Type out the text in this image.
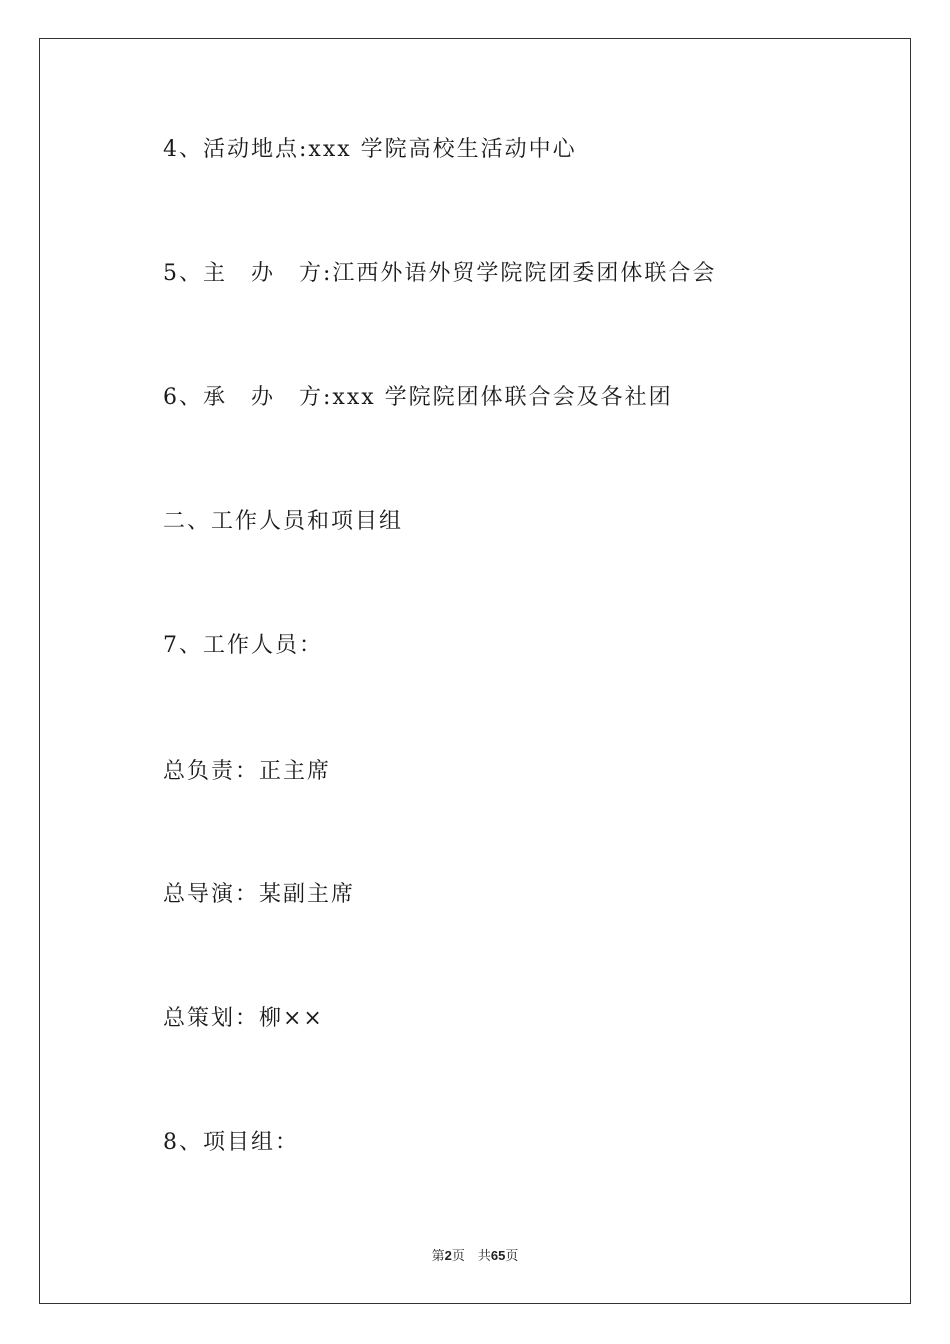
4、活动地点:xxx 学院高校生活动中心
5、主　办　方:江西外语外贸学院院团委团体联合会
6、承　办　方:xxx 学院院团体联合会及各社团
二、工作人员和项目组
7、工作人员：
总负责：正主席
总导演：某副主席
总策划：柳××
8、项目组：
第2页　共65页
